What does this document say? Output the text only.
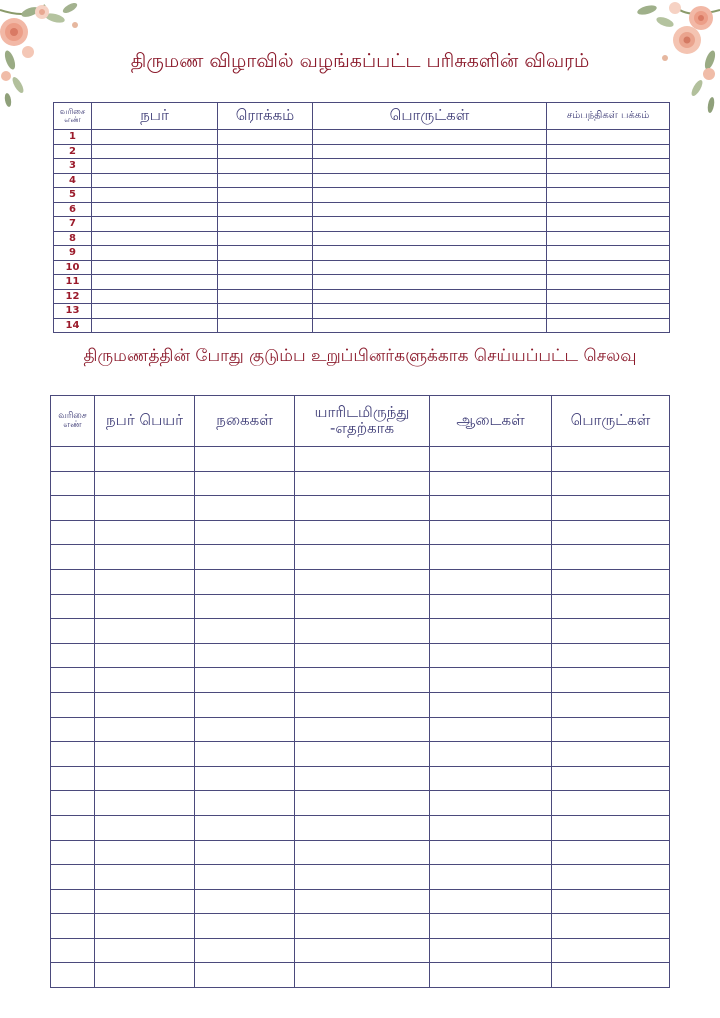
திருமண விழாவில் வழங்கப்பட்ட பரிசுகளின் விவரம்
வரிசை எண்	நபர்	ரொக்கம்	பொருட்கள்	சம்பந்திகள் பக்கம்
1				
2				
3				
4				
5				
6				
7				
8				
9				
10				
11				
12				
13				
14				
திருமணத்தின் போது குடும்ப உறுப்பினர்களுக்காக செய்யப்பட்ட செலவு
வரிசை எண்	நபர் பெயர்	நகைகள்	யாரிடமிருந்து -எதற்காக	ஆடைகள்	பொருட்கள்
